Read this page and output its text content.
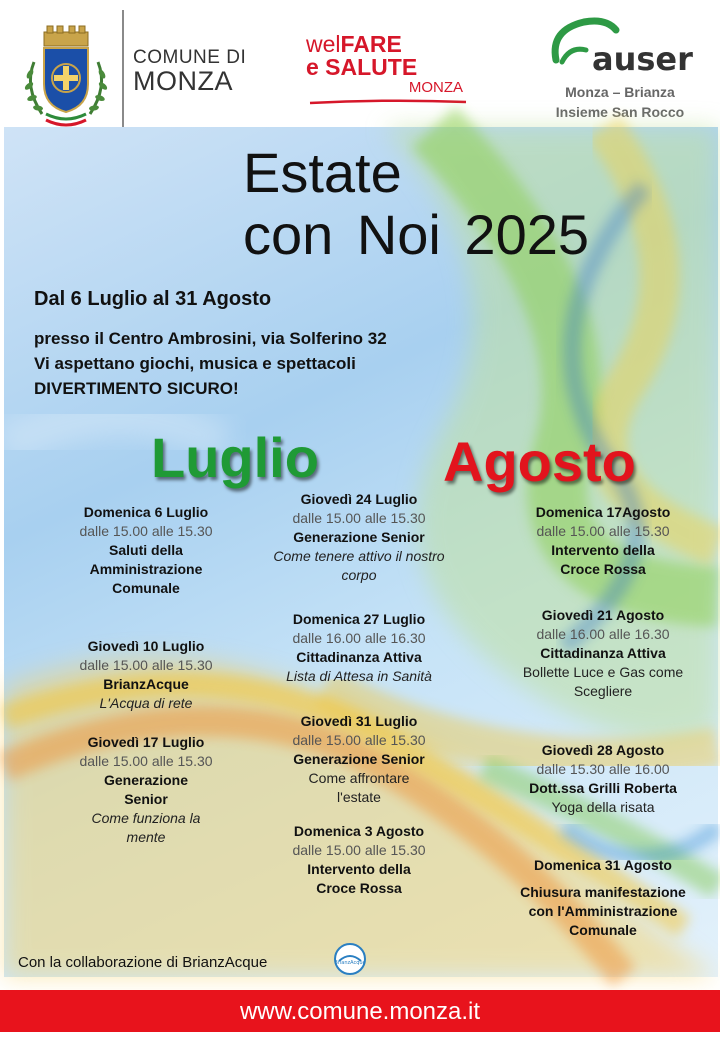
COMUNE DI
MONZA
welFARE
e SALUTE
MONZA
auser
Monza – Brianza
Insieme San Rocco
Estate
con Noi 2025
Dal 6 Luglio al 31 Agosto
presso il Centro Ambrosini, via Solferino 32
Vi aspettano giochi, musica e spettacoli
DIVERTIMENTO SICURO!
Luglio Agosto
Domenica 6 Luglio
dalle 15.00 alle 15.30
Saluti della
Amministrazione
Comunale
Giovedì 10 Luglio
dalle 15.00 alle 15.30
BrianzAcque
L'Acqua di rete
Giovedì 17 Luglio
dalle 15.00 alle 15.30
Generazione
Senior
Come funziona la
mente
Giovedì 24 Luglio
dalle 15.00 alle 15.30
Generazione Senior
Come tenere attivo il nostro
corpo
Domenica 27 Luglio
dalle 16.00 alle 16.30
Cittadinanza Attiva
Lista di Attesa in Sanità
Giovedì 31 Luglio
dalle 15.00 alle 15.30
Generazione Senior
Come affrontare
l'estate
Domenica 3 Agosto
dalle 15.00 alle 15.30
Intervento della
Croce Rossa
Domenica 17Agosto
dalle 15.00 alle 15.30
Intervento della
Croce Rossa
Giovedì 21 Agosto
dalle 16.00 alle 16.30
Cittadinanza Attiva
Bollette Luce e Gas come
Scegliere
Giovedì 28 Agosto
dalle 15.30 alle 16.00
Dott.ssa Grilli Roberta
Yoga della risata
Domenica 31 Agosto
Chiusura manifestazione
con l'Amministrazione
Comunale
Con la collaborazione di BrianzAcque	BrianzAcque
www.comune.monza.it
